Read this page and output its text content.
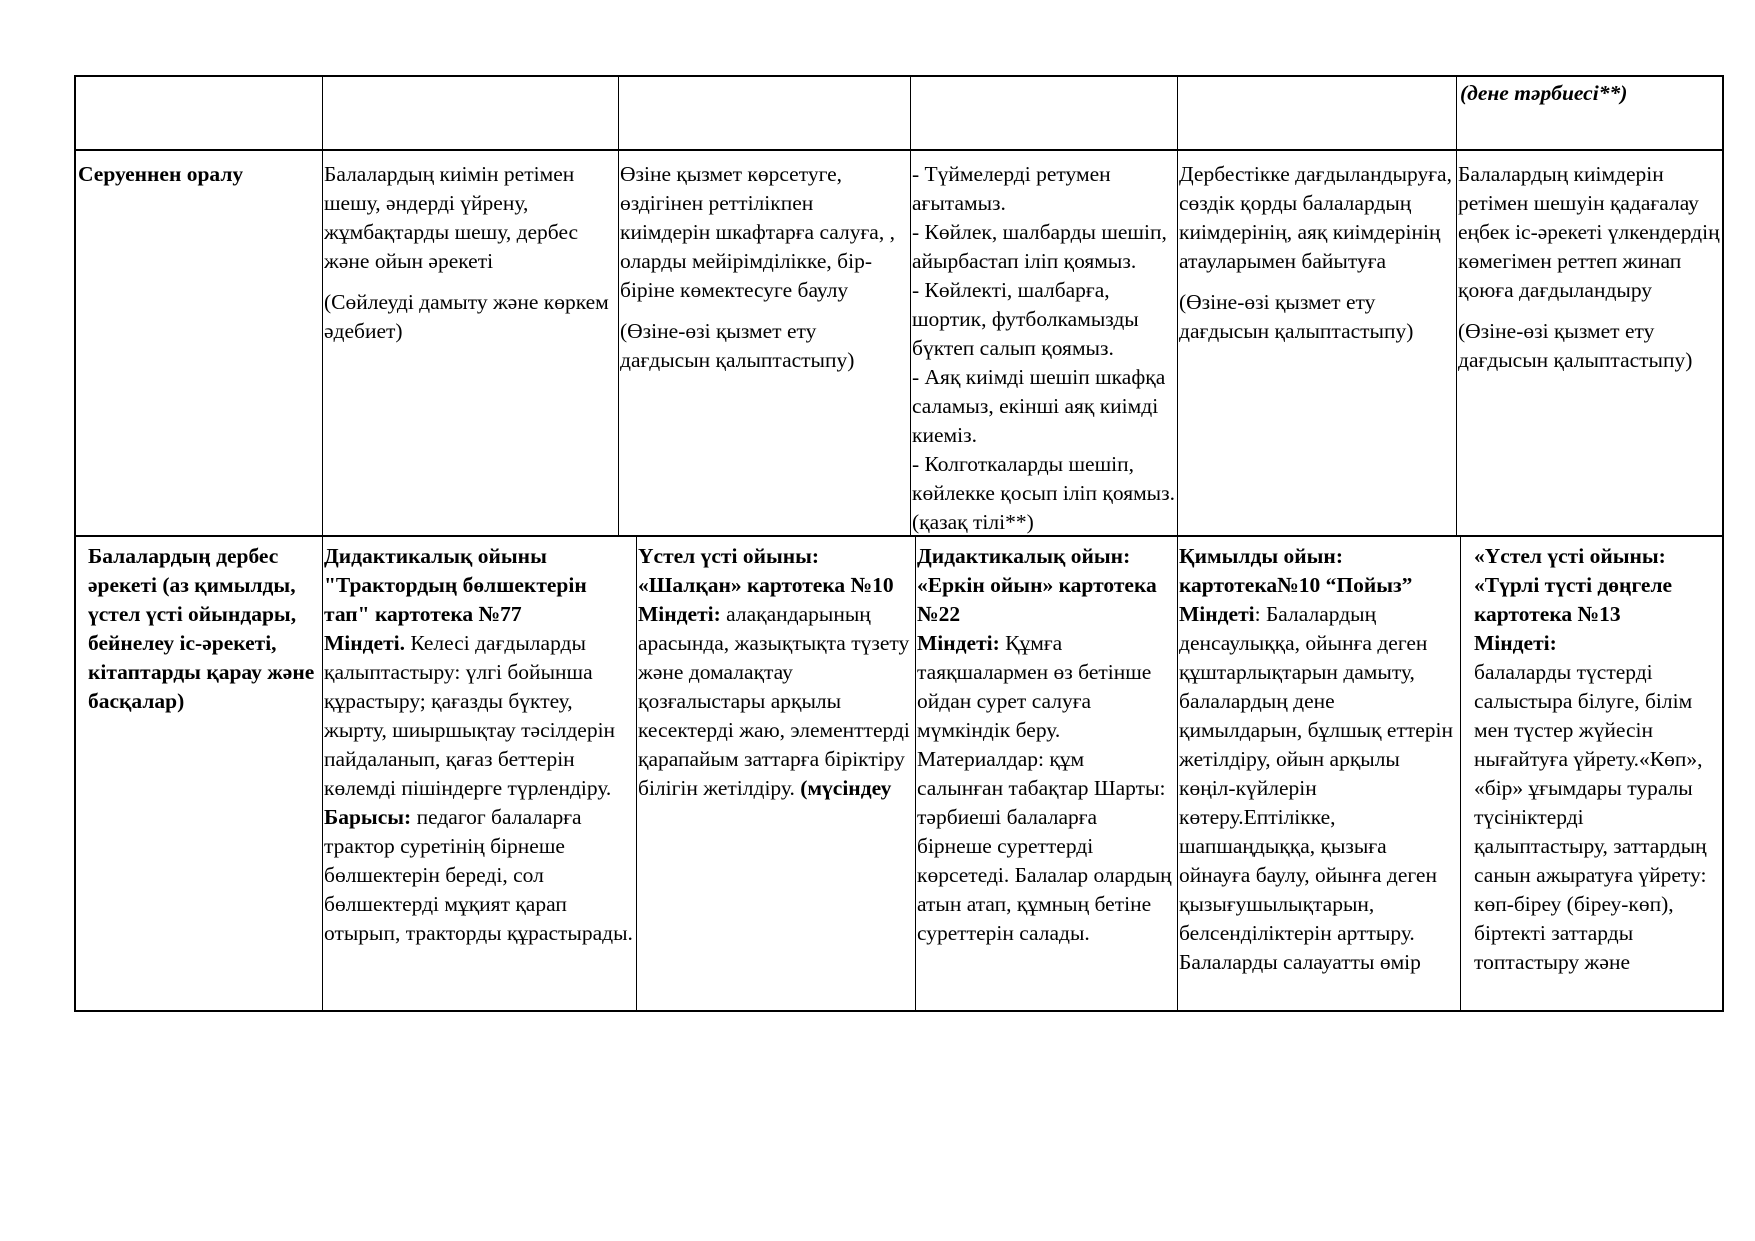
(дене тәрбиесі**)
Серуеннен оралу	Балалардың киімін ретімен шешу, әндерді үйрену, жұмбақтарды шешу, дербес және ойын әрекеті
(Сөйлеуді дамыту және көркем әдебиет)
Өзіне қызмет көрсетуге, өздігінен реттілікпен киімдерін шкафтарға салуға, , оларды мейірімділікке, бір-біріне көмектесуге баулу
(Өзіне-өзі қызмет ету дағдысын қалыптастыпу)
- Түймелерді ретумен ағытамыз.
- Көйлек, шалбарды шешіп, айырбастап іліп қоямыз.
- Көйлекті, шалбарға, шортик, футболкамызды бүктеп салып қоямыз.
- Аяқ киімді шешіп шкафқа саламыз, екінші аяқ киімді киеміз.
- Колготкаларды шешіп, көйлекке қосып іліп қоямыз. (қазақ тілі**)
Дербестікке дағдыландыруға, сөздік қорды балалардың киімдерінің, аяқ киімдерінің атауларымен байытуға
(Өзіне-өзі қызмет ету дағдысын қалыптастыпу)
Балалардың киімдерін ретімен шешуін қадағалау еңбек іс-әрекеті үлкендердің көмегімен реттеп жинап қоюға дағдыландыру
(Өзіне-өзі қызмет ету дағдысын қалыптастыпу)
Балалардың дербес әрекеті (аз қимылды, үстел үсті ойындары, бейнелеу іс-әрекеті, кітаптарды қарау және басқалар)
Дидактикалық ойыны "Трактордың бөлшектерін тап" картотека №77
Міндеті. Келесі дағдыларды қалыптастыру: үлгі бойынша құрастыру; қағазды бүктеу, жырту, шиыршықтау тәсілдерін пайдаланып, қағаз беттерін көлемді пішіндерге түрлендіру.
Барысы: педагог балаларға трактор суретінің бірнеше бөлшектерін береді, сол бөлшектерді мұқият қарап отырып, тракторды құрастырады.
Үстел үсті ойыны: «Шалқан» картотека №10
Міндеті: алақандарының арасында, жазықтықта түзету және домалақтау қозғалыстары арқылы кесектерді жаю, элементтерді қарапайым заттарға біріктіру білігін жетілдіру. (мүсіндеу
Дидактикалық ойын: «Еркін ойын» картотека №22
Міндеті: Құмға таяқшалармен өз бетінше ойдан сурет салуға мүмкіндік беру. Материалдар: құм салынған табақтар Шарты: тәрбиеші балаларға бірнеше суреттерді көрсетеді. Балалар олардың атын атап, құмның бетіне суреттерін салады.
Қимылды ойын: картотека№10 “Пойыз”
Міндеті: Балалардың денсаулыққа, ойынға деген құштарлықтарын дамыту, балалардың дене қимылдарын, бұлшық еттерін жетілдіру, ойын арқылы көңіл-күйлерін көтеру.Ептілікке, шапшаңдыққа, қызыға ойнауға баулу, ойынға деген қызығушылықтарын, белсенділіктерін арттыру. Балаларды салауатты өмір
«Үстел үсті ойыны: «Түрлі түсті дөңгеле картотека №13
Міндеті:
балаларды түстерді салыстыра білуге, білім мен түстер жүйесін нығайтуға үйрету.«Көп», «бір» ұғымдары туралы түсініктерді қалыптастыру, заттардың санын ажыратуға үйрету: көп-біреу (біреу-көп), біртекті заттарды топтастыру және
